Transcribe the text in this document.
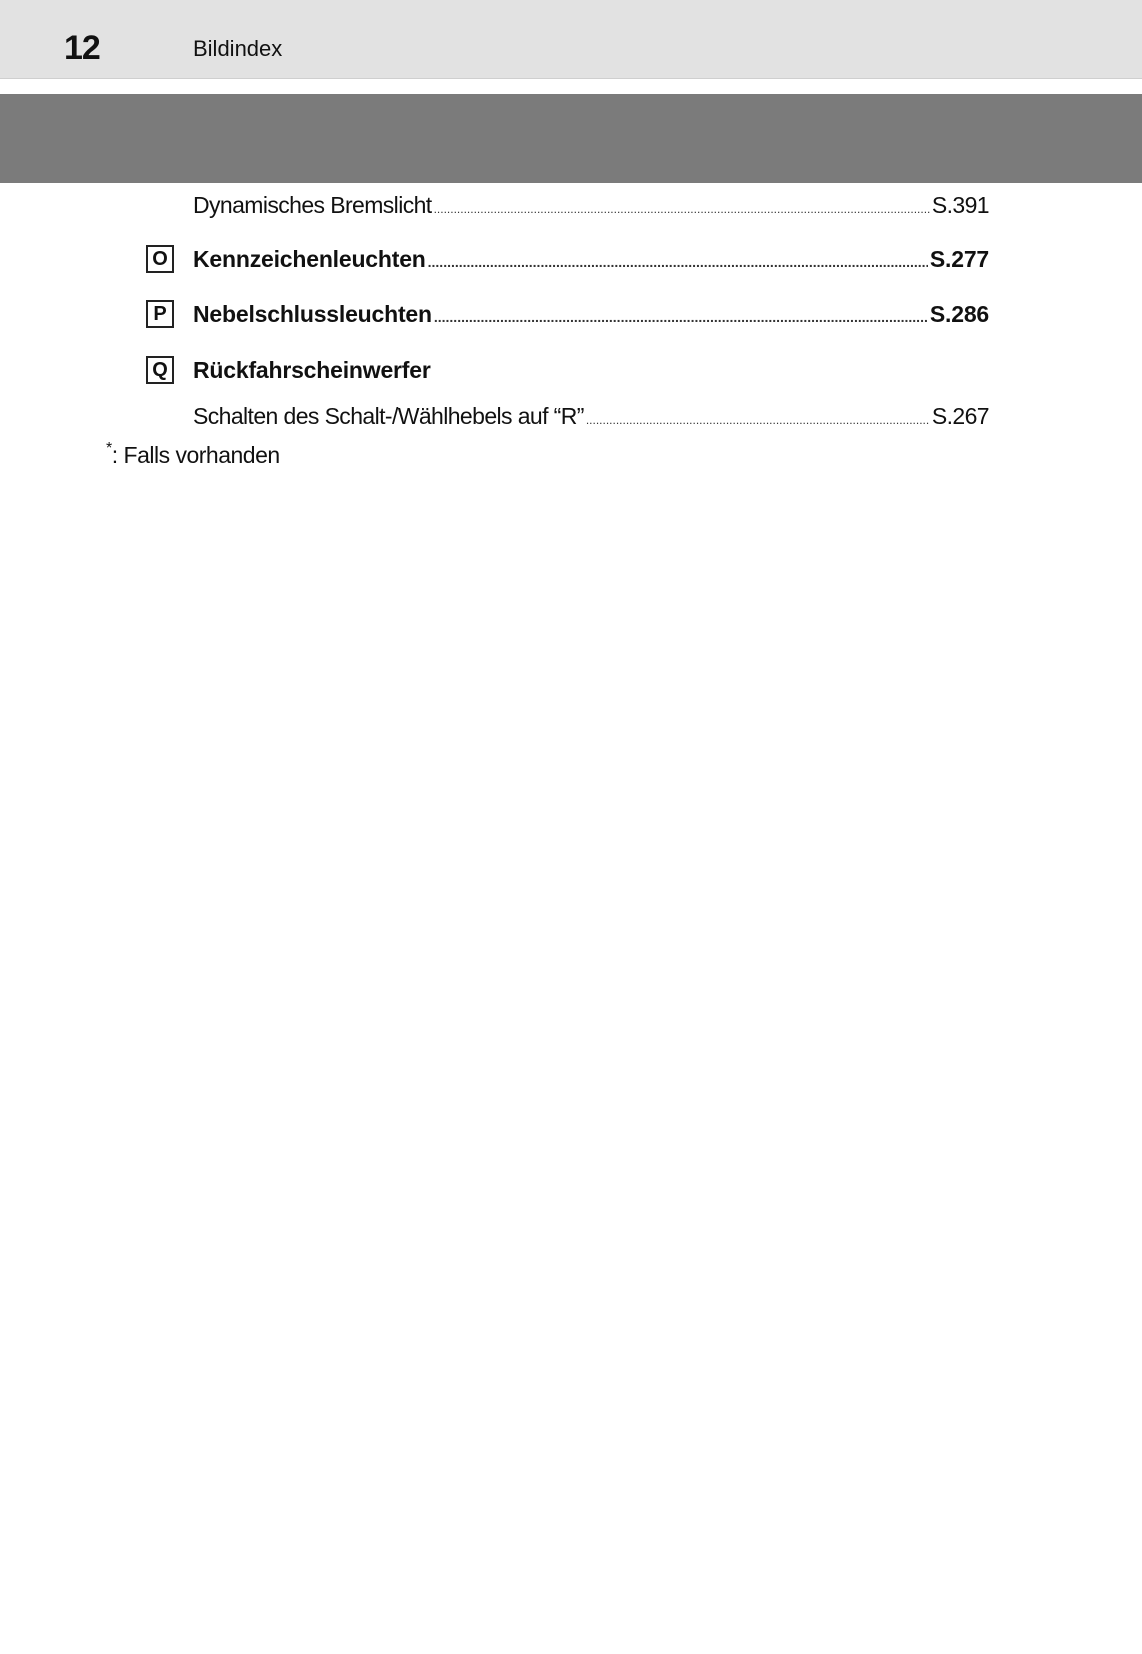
12	Bildindex
Dynamisches Bremslicht .....	S.391
O Kennzeichenleuchten .....	S.277
P	Nebelschlussleuchten .....	S.286
Q Rückfahrscheinwerfer
Schalten des Schalt-/Wählhebels auf “R” .....	S.267
*: Falls vorhanden
